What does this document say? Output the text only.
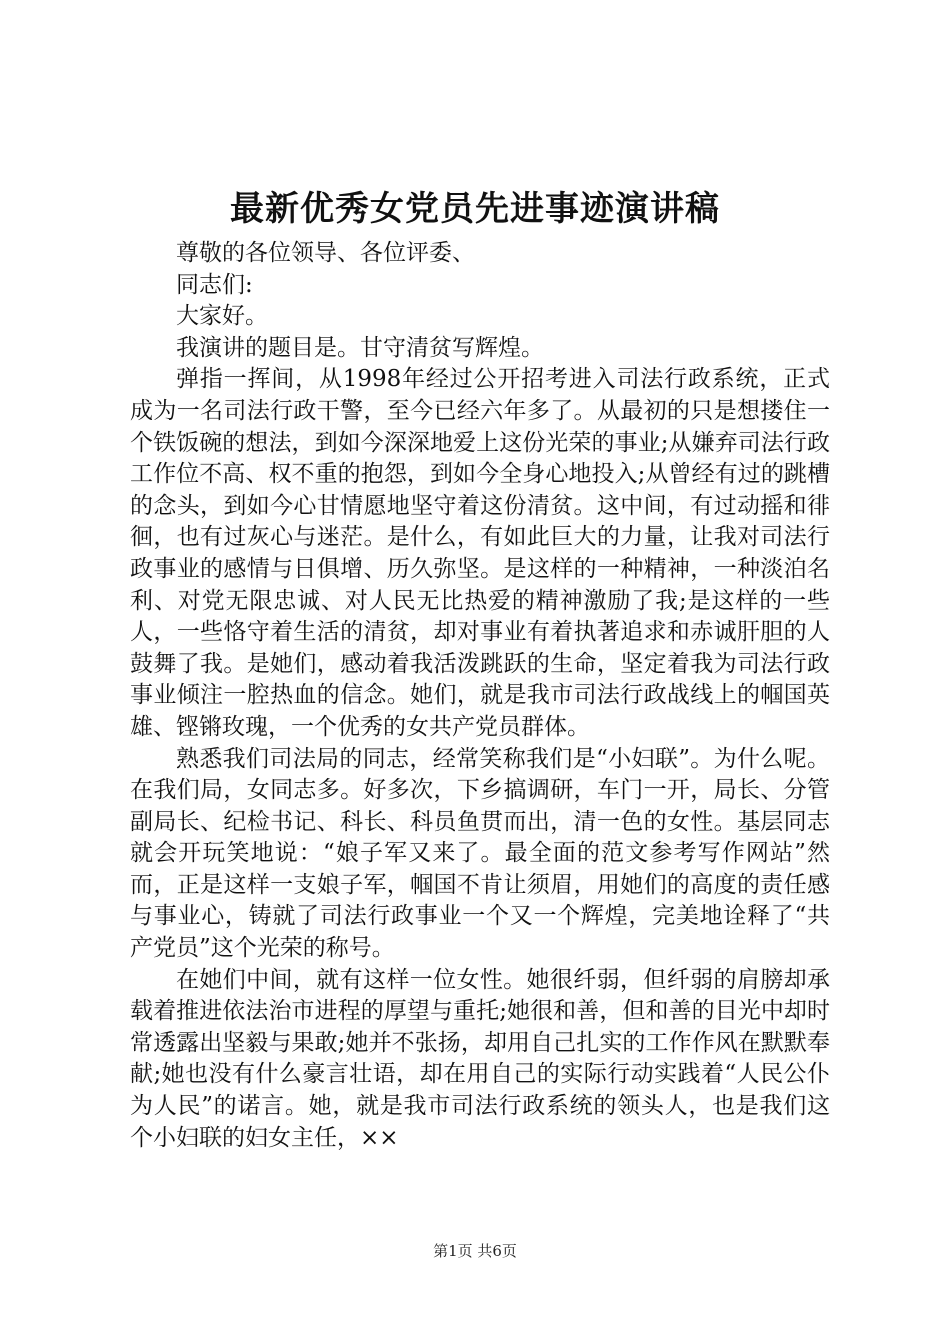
最新优秀女党员先进事迹演讲稿

尊敬的各位领导、各位评委、

同志们:

大家好。

我演讲的题目是。甘守清贫写辉煌。

弹指一挥间，从1998年经过公开招考进入司法行政系统，正式成为一名司法行政干警，至今已经六年多了。从最初的只是想搂住一个铁饭碗的想法，到如今深深地爱上这份光荣的事业;从嫌弃司法行政工作位不高、权不重的抱怨，到如今全身心地投入;从曾经有过的跳槽的念头，到如今心甘情愿地坚守着这份清贫。这中间，有过动摇和徘徊，也有过灰心与迷茫。是什么，有如此巨大的力量，让我对司法行政事业的感情与日俱增、历久弥坚。是这样的一种精神，一种淡泊名利、对党无限忠诚、对人民无比热爱的精神激励了我;是这样的一些人，一些恪守着生活的清贫，却对事业有着执著追求和赤诚肝胆的人鼓舞了我。是她们，感动着我活泼跳跃的生命，坚定着我为司法行政事业倾注一腔热血的信念。她们，就是我市司法行政战线上的帼国英雄、铿锵玫瑰，一个优秀的女共产党员群体。

熟悉我们司法局的同志，经常笑称我们是“小妇联”。为什么呢。在我们局，女同志多。好多次，下乡搞调研，车门一开，局长、分管副局长、纪检书记、科长、科员鱼贯而出，清一色的女性。基层同志就会开玩笑地说：“娘子军又来了。最全面的范文参考写作网站”然而，正是这样一支娘子军，帼国不肯让须眉，用她们的高度的责任感与事业心，铸就了司法行政事业一个又一个辉煌，完美地诠释了“共产党员”这个光荣的称号。

在她们中间，就有这样一位女性。她很纤弱，但纤弱的肩膀却承载着推进依法治市进程的厚望与重托;她很和善，但和善的目光中却时常透露出坚毅与果敢;她并不张扬，却用自己扎实的工作作风在默默奉献;她也没有什么豪言壮语，却在用自己的实际行动实践着“人民公仆为人民”的诺言。她，就是我市司法行政系统的领头人，也是我们这个小妇联的妇女主任，××

第1页 共6页
